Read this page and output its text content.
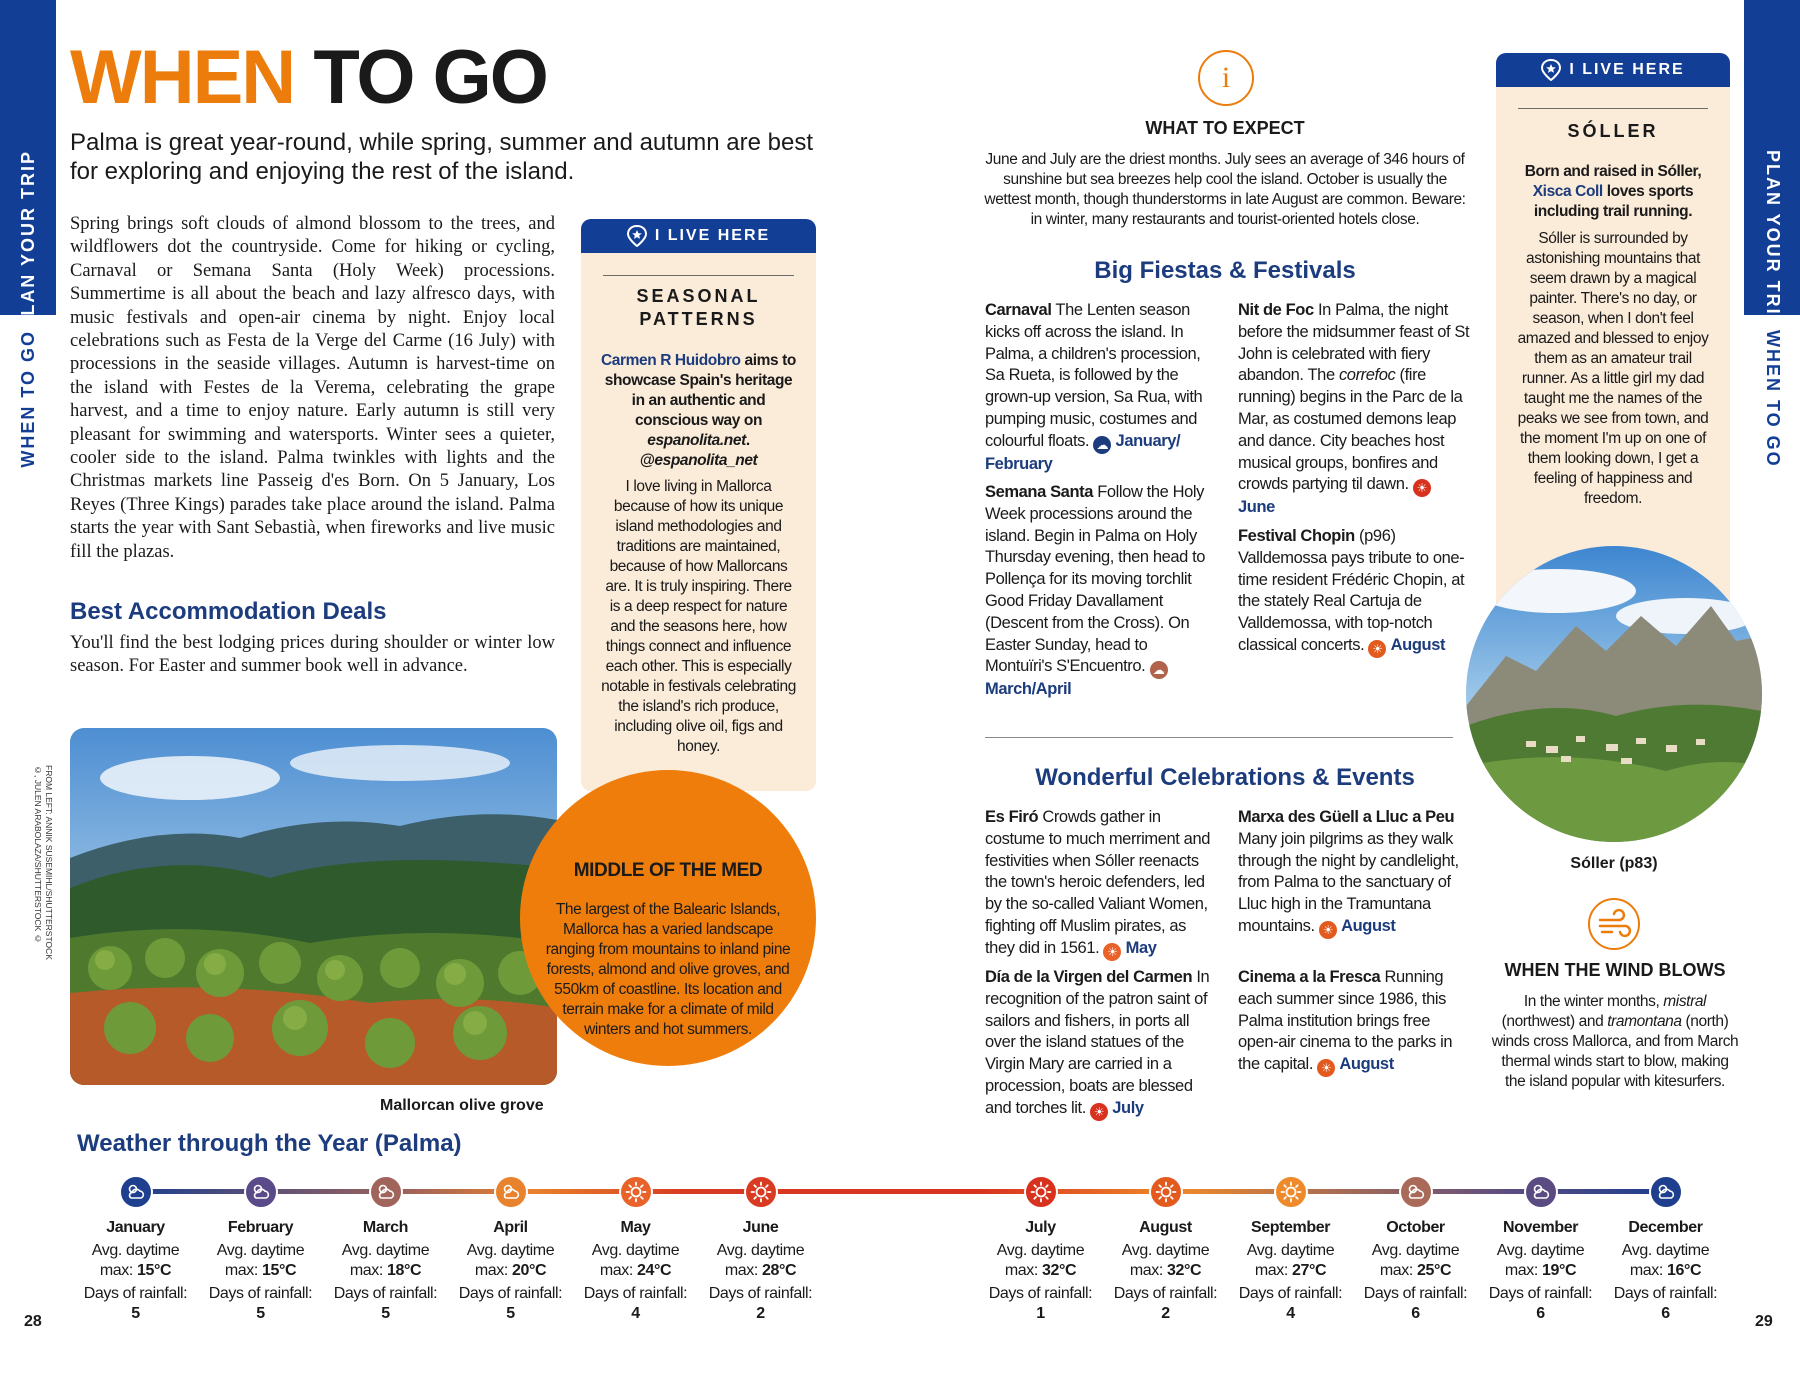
PLAN YOUR TRIP
WHEN TO GO
PLAN YOUR TRIP
WHEN TO GO
WHEN TO GO
Palma is great year-round, while spring, summer and autumn are best for exploring and enjoying the rest of the island.
Spring brings soft clouds of almond blossom to the trees, and wildflowers dot the countryside. Come for hiking or cycling, Carnaval or Semana Santa (Holy Week) processions. Summertime is all about the beach and lazy alfresco days, with music festivals and open-air cinema by night. Enjoy local celebrations such as Festa de la Verge del Carme (16 July) with processions in the seaside villages. Autumn is harvest-time on the island with Festes de la Verema, celebrating the grape harvest, and a time to enjoy nature. Early autumn is still very pleasant for swimming and watersports. Winter sees a quieter, cooler side to the island. Palma twinkles with lights and the Christmas markets line Passeig d'es Born. On 5 January, Los Reyes (Three Kings) parades take place around the island. Palma starts the year with Sant Sebastià, when fireworks and live music fill the plazas.
Best Accommodation Deals
You'll find the best lodging prices during shoulder or winter low season. For Easter and summer book well in advance.
FROM LEFT: ANNIK SUSEMIHL/SHUTTERSTOCK ©, JULEN ARABOLAZA/SHUTTERSTOCK ©
Mallorcan olive grove
I LIVE HERE
SEASONAL
PATTERNS
Carmen R Huidobro aims to showcase Spain's heritage in an authentic and conscious way on espanolita.net. @espanolita_net
I love living in Mallorca because of how its unique island methodologies and traditions are maintained, because of how Mallorcans are. It is truly inspiring. There is a deep respect for nature and the seasons here, how things connect and influence each other. This is especially notable in festivals celebrating the island's rich produce, including olive oil, figs and honey.
MIDDLE OF THE MED
The largest of the Balearic Islands, Mallorca has a varied landscape ranging from mountains to inland pine forests, almond and olive groves, and 550km of coastline. Its location and terrain make for a climate of mild winters and hot summers.
i
WHAT TO EXPECT
June and July are the driest months. July sees an average of 346 hours of sunshine but sea breezes help cool the island. October is usually the wettest month, though thunderstorms in late August are common. Beware: in winter, many restaurants and tourist-oriented hotels close.
Big Fiestas & Festivals
Carnaval The Lenten season kicks off across the island. In Palma, a children's procession, Sa Rueta, is followed by the grown-up version, Sa Rua, with pumping music, costumes and colourful floats. ☁ January/ February
Semana Santa Follow the Holy Week processions around the island. Begin in Palma on Holy Thursday evening, then head to Pollença for its moving torchlit Good Friday Davallament (Descent from the Cross). On Easter Sunday, head to Montuïri's S'Encuentro. ☁ March/April
Nit de Foc In Palma, the night before the midsummer feast of St John is celebrated with fiery abandon. The correfoc (fire running) begins in the Parc de la Mar, as costumed demons leap and dance. City beaches host musical groups, bonfires and crowds partying til dawn. ☀ June
Festival Chopin (p96) Valldemossa pays tribute to one-time resident Frédéric Chopin, at the stately Real Cartuja de Valldemossa, with top-notch classical concerts. ☀ August
Wonderful Celebrations & Events
Es Firó Crowds gather in costume to much merriment and festivities when Sóller reenacts the town's heroic defenders, led by the so-called Valiant Women, fighting off Muslim pirates, as they did in 1561. ☀ May
Día de la Virgen del Carmen In recognition of the patron saint of sailors and fishers, in ports all over the island statues of the Virgin Mary are carried in a procession, boats are blessed and torches lit. ☀ July
Marxa des Güell a Lluc a Peu Many join pilgrims as they walk through the night by candlelight, from Palma to the sanctuary of Lluc high in the Tramuntana mountains. ☀ August
Cinema a la Fresca Running each summer since 1986, this Palma institution brings free open-air cinema to the parks in the capital. ☀ August
I LIVE HERE
SÓLLER
Born and raised in Sóller, Xisca Coll loves sports including trail running.
Sóller is surrounded by astonishing mountains that seem drawn by a magical painter. There's no day, or season, when I don't feel amazed and blessed to enjoy them as an amateur trail runner. As a little girl my dad taught me the names of the peaks we see from town, and the moment I'm up on one of them looking down, I get a feeling of happiness and freedom.
Sóller (p83)
WHEN THE WIND BLOWS
In the winter months, mistral (northwest) and tramontana (north) winds cross Mallorca, and from March thermal winds start to blow, making the island popular with kitesurfers.
Weather through the Year (Palma)
January
Avg. daytime
max: 15°C
Days of rainfall:
5
February
Avg. daytime
max: 15°C
Days of rainfall:
5
March
Avg. daytime
max: 18°C
Days of rainfall:
5
April
Avg. daytime
max: 20°C
Days of rainfall:
5
May
Avg. daytime
max: 24°C
Days of rainfall:
4
June
Avg. daytime
max: 28°C
Days of rainfall:
2
July
Avg. daytime
max: 32°C
Days of rainfall:
1
August
Avg. daytime
max: 32°C
Days of rainfall:
2
September
Avg. daytime
max: 27°C
Days of rainfall:
4
October
Avg. daytime
max: 25°C
Days of rainfall:
6
November
Avg. daytime
max: 19°C
Days of rainfall:
6
December
Avg. daytime
max: 16°C
Days of rainfall:
6
28	29
